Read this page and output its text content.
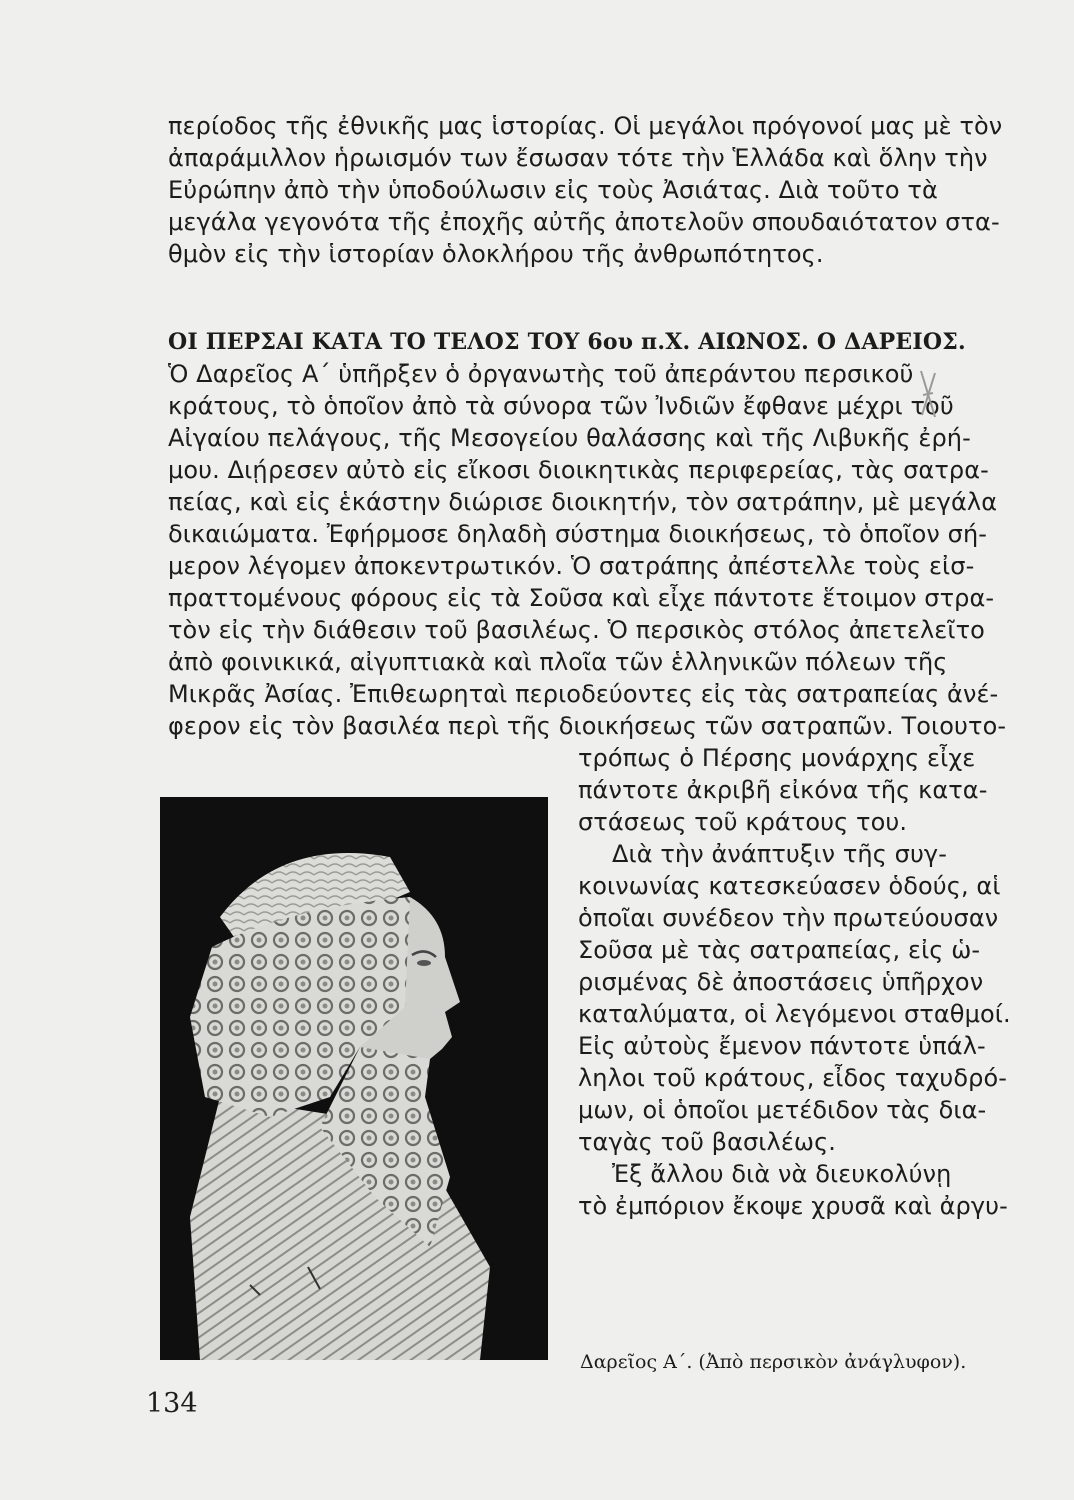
περίοδος τῆς ἐθνικῆς μας ἱστορίας. Οἱ μεγάλοι πρόγονοί μας μὲ τὸν
ἀπαράμιλλον ἡρωισμόν των ἔσωσαν τότε τὴν Ἑλλάδα καὶ ὅλην τὴν
Εὐρώπην ἀπὸ τὴν ὑποδούλωσιν εἰς τοὺς Ἀσιάτας. Διὰ τοῦτο τὰ
μεγάλα γεγονότα τῆς ἐποχῆς αὐτῆς ἀποτελοῦν σπουδαιότατον στα-
θμὸν εἰς τὴν ἱστορίαν ὁλοκλήρου τῆς ἀνθρωπότητος.
ΟΙ ΠΕΡΣΑΙ ΚΑΤΑ ΤΟ ΤΕΛΟΣ ΤΟΥ 6ου π.Χ. ΑΙΩΝΟΣ. Ο ΔΑΡΕΙΟΣ.
Ὁ Δαρεῖος Α΄ ὑπῆρξεν ὁ ὀργανωτὴς τοῦ ἀπεράντου περσικοῦ
κράτους, τὸ ὁποῖον ἀπὸ τὰ σύνορα τῶν Ἰνδιῶν ἔφθανε μέχρι τοῦ
Αἰγαίου πελάγους, τῆς Μεσογείου θαλάσσης καὶ τῆς Λιβυκῆς ἐρή-
μου. Διῄρεσεν αὐτὸ εἰς εἴκοσι διοικητικὰς περιφερείας, τὰς σατρα-
πείας, καὶ εἰς ἑκάστην διώρισε διοικητήν, τὸν σατράπην, μὲ μεγάλα
δικαιώματα. Ἐφήρμοσε δηλαδὴ σύστημα διοικήσεως, τὸ ὁποῖον σή-
μερον λέγομεν ἀποκεντρωτικόν. Ὁ σατράπης ἀπέστελλε τοὺς εἰσ-
πραττομένους φόρους εἰς τὰ Σοῦσα καὶ εἶχε πάντοτε ἕτοιμον στρα-
τὸν εἰς τὴν διάθεσιν τοῦ βασιλέως. Ὁ περσικὸς στόλος ἀπετελεῖτο
ἀπὸ φοινικικά, αἰγυπτιακὰ καὶ πλοῖα τῶν ἑλληνικῶν πόλεων τῆς
Μικρᾶς Ἀσίας. Ἐπιθεωρηταὶ περιοδεύοντες εἰς τὰς σατραπείας ἀνέ-
φερον εἰς τὸν βασιλέα περὶ τῆς διοικήσεως τῶν σατραπῶν. Τοιουτο-
τρόπως ὁ Πέρσης μονάρχης εἶχε
πάντοτε ἀκριβῆ εἰκόνα τῆς κατα-
στάσεως τοῦ κράτους του.
Διὰ τὴν ἀνάπτυξιν τῆς συγ-
κοινωνίας κατεσκεύασεν ὁδούς, αἱ
ὁποῖαι συνέδεον τὴν πρωτεύουσαν
Σοῦσα μὲ τὰς σατραπείας, εἰς ὡ-
ρισμένας δὲ ἀποστάσεις ὑπῆρχον
καταλύματα, οἱ λεγόμενοι σταθμοί.
Εἰς αὐτοὺς ἔμενον πάντοτε ὑπάλ-
ληλοι τοῦ κράτους, εἶδος ταχυδρό-
μων, οἱ ὁποῖοι μετέδιδον τὰς δια-
ταγὰς τοῦ βασιλέως.
Ἐξ ἄλλου διὰ νὰ διευκολύνῃ
τὸ ἐμπόριον ἔκοψε χρυσᾶ καὶ ἀργυ-
Δαρεῖος Α΄. (Ἀπὸ περσικὸν ἀνάγλυφον).
134
